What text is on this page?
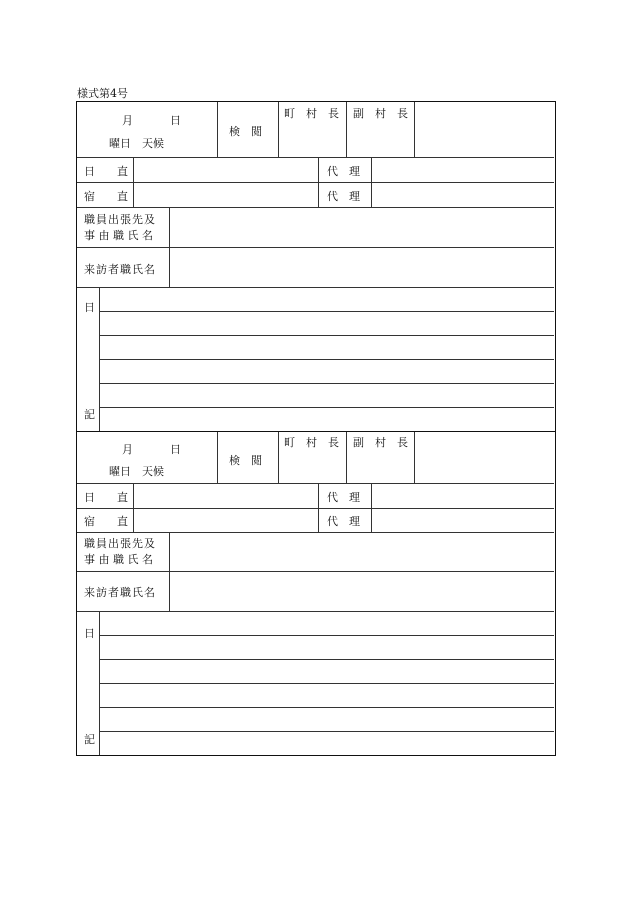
様式第4号
月	日
曜日　天候
検　閲
町　村　長 副　村　長
日　　直	代　理
宿　　直	代　理
職員出張先及
事 由 職 氏 名
来訪者職氏名
日
記
月	日
曜日　天候
検　閲
町　村　長 副　村　長
日　　直	代　理
宿　　直	代　理
職員出張先及
事 由 職 氏 名
来訪者職氏名
日
記
